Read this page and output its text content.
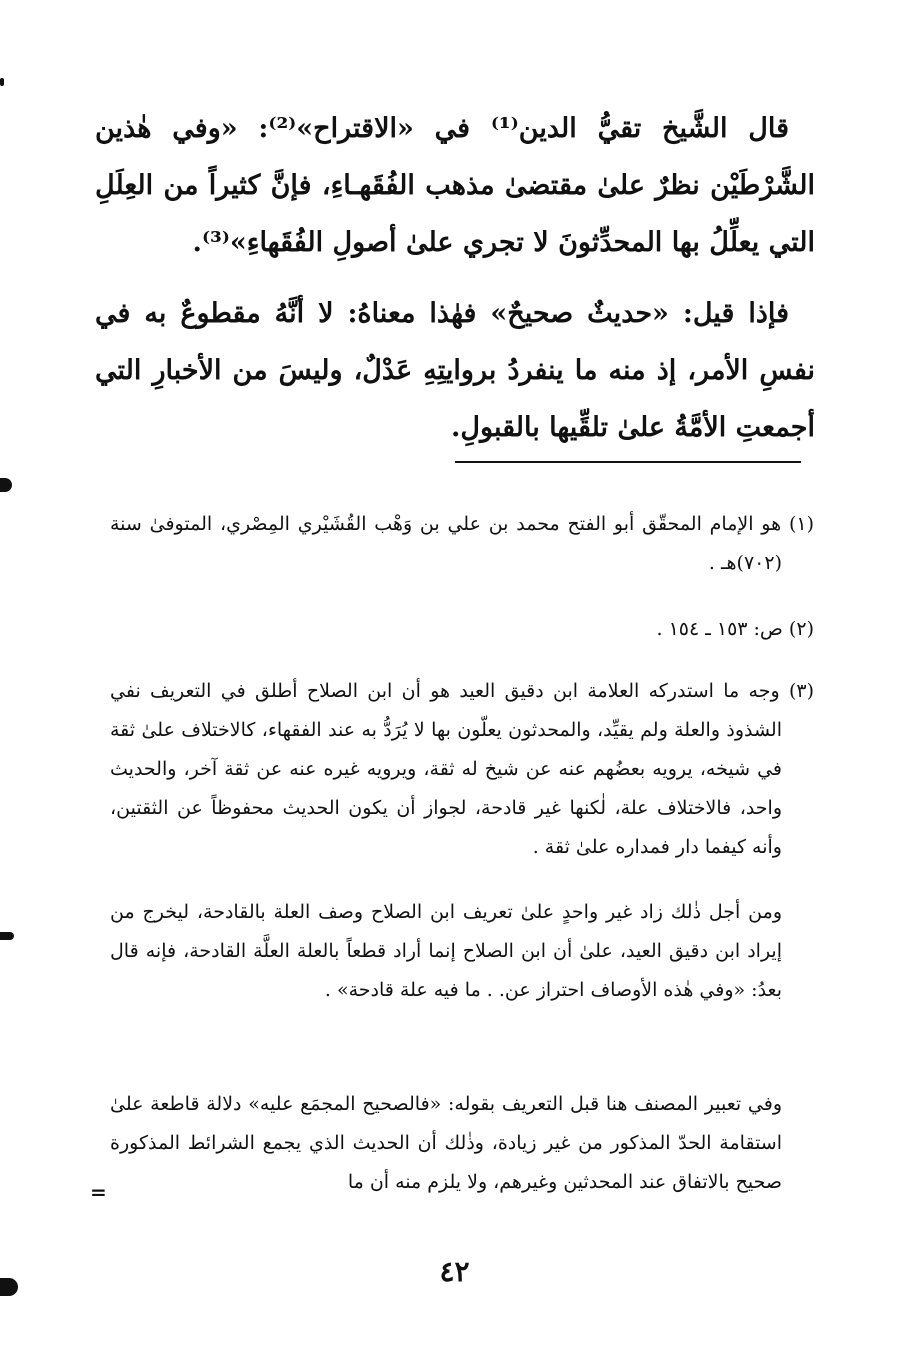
قال الشَّيخ تقيُّ الدين⁽¹⁾ في «الاقتراح»⁽²⁾: «وفي هٰذين الشَّرْطَيْن نظرٌ علىٰ مقتضىٰ مذهب الفُقَهـاءِ، فإنَّ كثيراً من العِلَلِ التي يعلِّلُ بها المحدِّثونَ لا تجري علىٰ أصولِ الفُقَهاءِ»⁽³⁾.

فإذا قيل: «حديثٌ صحيحٌ» فهٰذا معناهُ: لا أنَّهُ مقطوعٌ به في نفسِ الأمر، إذ منه ما ينفردُ بروايتِهِ عَدْلٌ، وليسَ من الأخبارِ التي أجمعتِ الأمَّةُ علىٰ تلقِّيها بالقبولِ.

(١) هو الإمام المحقّق أبو الفتح محمد بن علي بن وَهْب القُشَيْري المِصْري، المتوفىٰ سنة (٧٠٢)هـ .

(٢) ص: ١٥٣ ـ ١٥٤ .

(٣) وجه ما استدركه العلامة ابن دقيق العيد هو أن ابن الصلاح أطلق في التعريف نفي الشذوذ والعلة ولم يقيِّد، والمحدثون يعلّون بها لا يُرَدُّ به عند الفقهاء، كالاختلاف علىٰ ثقة في شيخه، يرويه بعضُهم عنه عن شيخ له ثقة، ويرويه غيره عنه عن ثقة آخر، والحديث واحد، فالاختلاف علة، لٰكنها غير قادحة، لجواز أن يكون الحديث محفوظاً عن الثقتين، وأنه كيفما دار فمداره علىٰ ثقة .

ومن أجل ذٰلك زاد غير واحدٍ علىٰ تعريف ابن الصلاح وصف العلة بالقادحة، ليخرج من إيراد ابن دقيق العيد، علىٰ أن ابن الصلاح إنما أراد قطعاً بالعلة العلَّة القادحة، فإنه قال بعدُ: «وفي هٰذه الأوصاف احتراز عن. . ما فيه علة قادحة» .

وفي تعبير المصنف هنا قبل التعريف بقوله: «فالصحيح المجمَع عليه» دلالة قاطعة علىٰ استقامة الحدّ المذكور من غير زيادة، وذٰلك أن الحديث الذي يجمع الشرائط المذكورة صحيح بالاتفاق عند المحدثين وغيرهم، ولا يلزم منه أن ما

=
٤٢
